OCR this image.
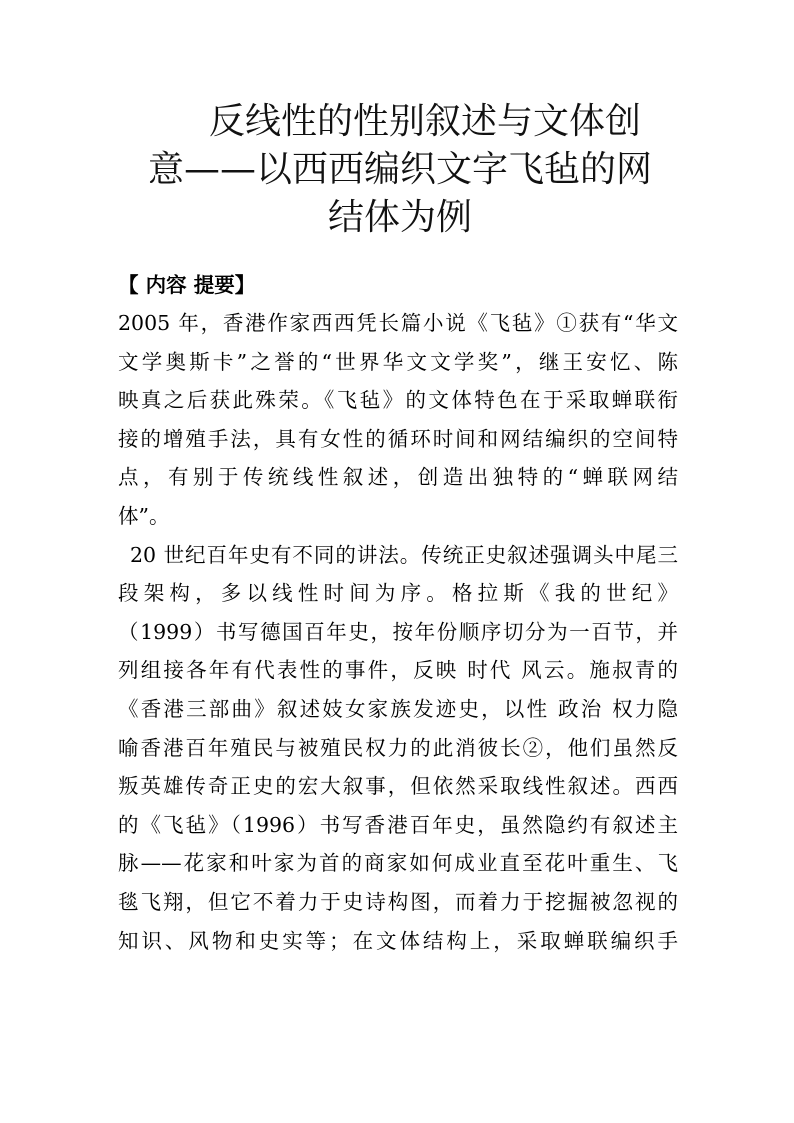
反线性的性别叙述与文体创
意——以西西编织文字飞毡的网
结体为例
【 内容 提要】
2005 年，香港作家西西凭长篇小说《飞毡》①获有“华文
文学奥斯卡”之誉的“世界华文文学奖”，继王安忆、陈
映真之后获此殊荣。《飞毡》的文体特色在于采取蝉联衔
接的增殖手法，具有女性的循环时间和网结编织的空间特
点，有别于传统线性叙述，创造出独特的“蝉联网结
体”。
20 世纪百年史有不同的讲法。传统正史叙述强调头中尾三
段架构，多以线性时间为序。格拉斯《我的世纪》
（1999）书写德国百年史，按年份顺序切分为一百节，并
列组接各年有代表性的事件，反映 时代 风云。施叔青的
《香港三部曲》叙述妓女家族发迹史，以性 政治 权力隐
喻香港百年殖民与被殖民权力的此消彼长②，他们虽然反
叛英雄传奇正史的宏大叙事，但依然采取线性叙述。西西
的《飞毡》（1996）书写香港百年史，虽然隐约有叙述主
脉——花家和叶家为首的商家如何成业直至花叶重生、飞
毯飞翔，但它不着力于史诗构图，而着力于挖掘被忽视的
知识、风物和史实等；在文体结构上，采取蝉联编织手
